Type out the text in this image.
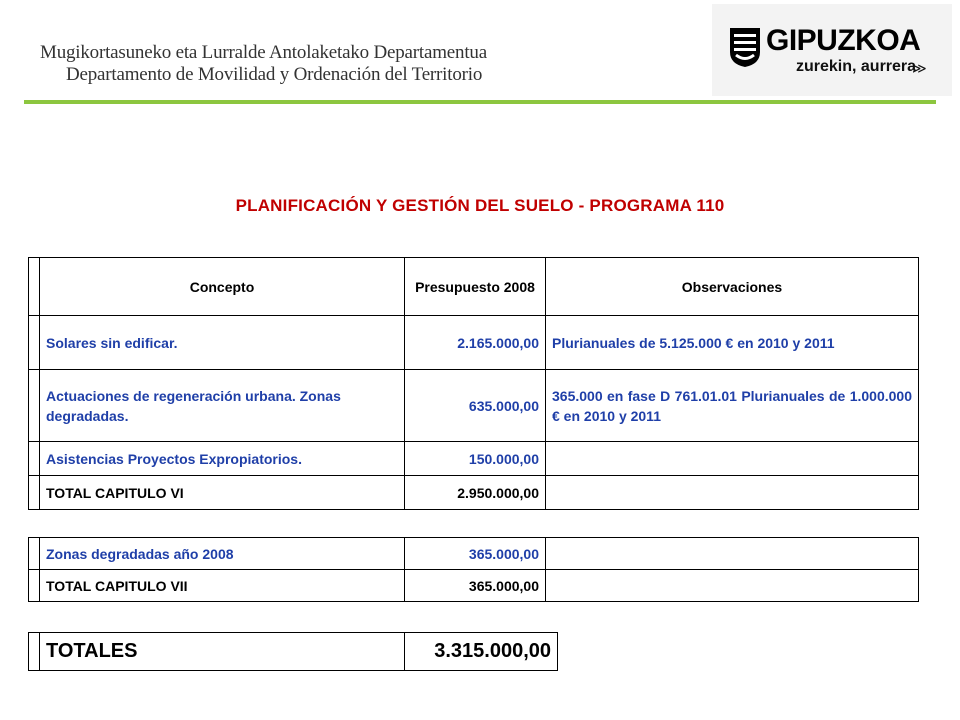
Mugikortasuneko eta Lurralde Antolaketako Departamentua
Departamento de Movilidad y Ordenación del Territorio
GIPUZKOA
zurekin, aurrera
≫
PLANIFICACIÓN Y GESTIÓN DEL SUELO - PROGRAMA 110
	Concepto	Presupuesto 2008	Observaciones
	Solares sin edificar.	2.165.000,00	Plurianuales de 5.125.000 € en 2010 y 2011
	Actuaciones de regeneración urbana. Zonas degradadas.	635.000,00	365.000 en fase D 761.01.01 Plurianuales de 1.000.000 € en 2010 y 2011
	Asistencias Proyectos Expropiatorios.	150.000,00	
	TOTAL CAPITULO VI	2.950.000,00	
	Zonas degradadas año 2008	365.000,00	
	TOTAL CAPITULO VII	365.000,00	
	TOTALES	3.315.000,00
